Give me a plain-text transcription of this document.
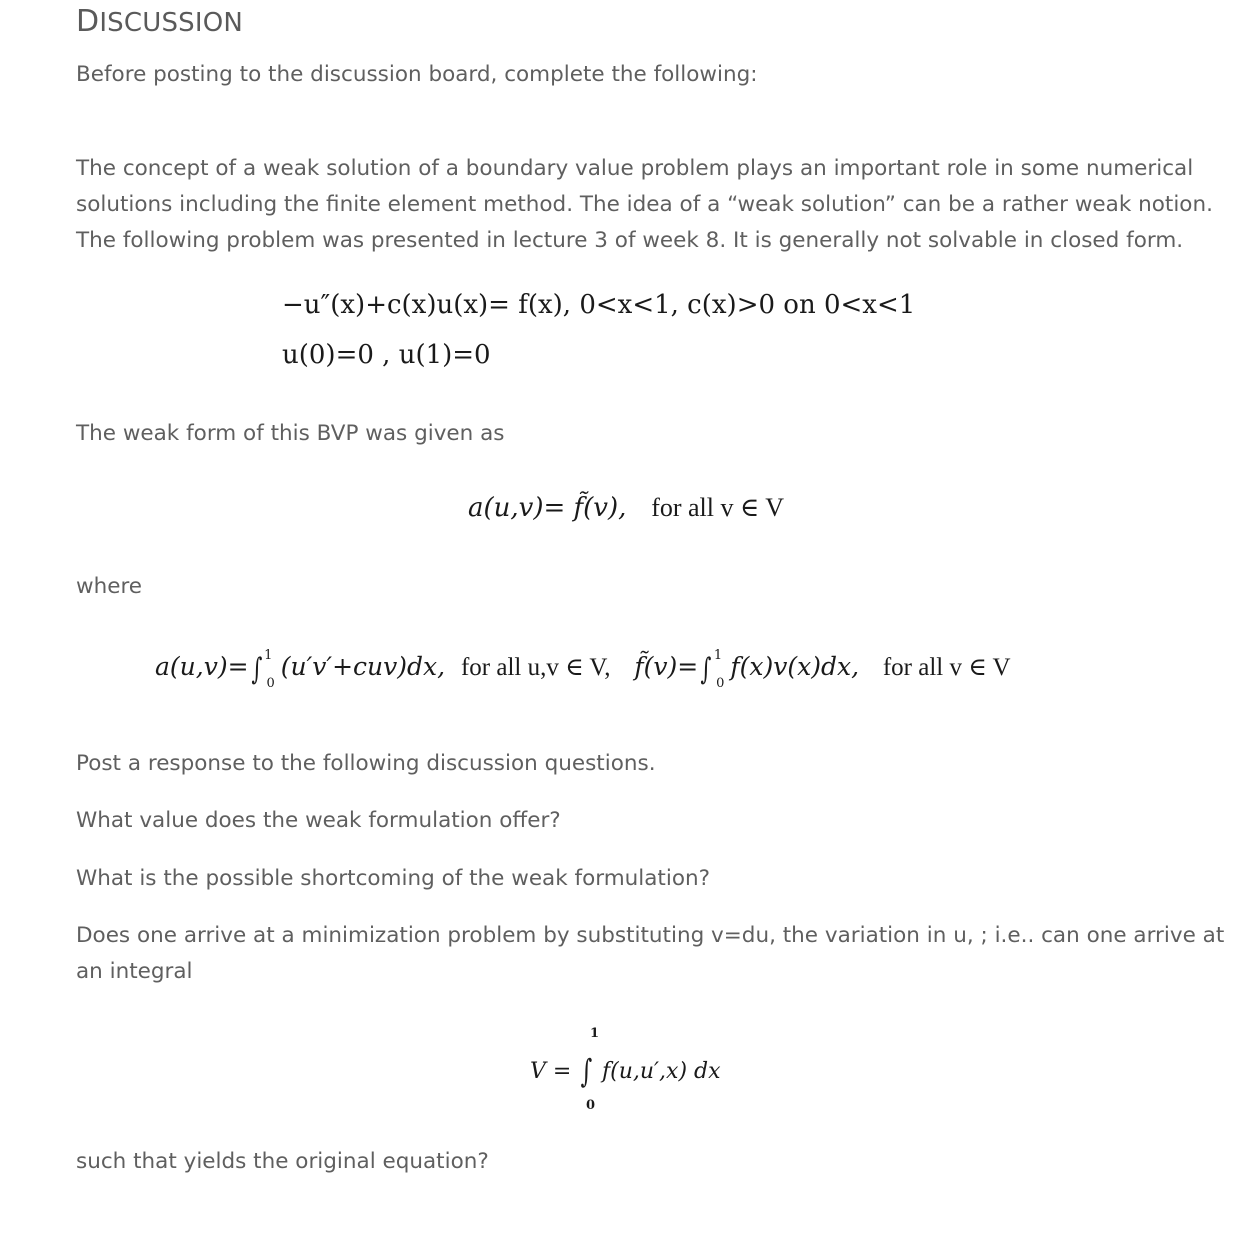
DISCUSSION
Before posting to the discussion board, complete the following:
The concept of a weak solution of a boundary value problem plays an important role in some numerical
solutions including the finite element method. The idea of a “weak solution” can be a rather weak notion.
The following problem was presented in lecture 3 of week 8. It is generally not solvable in closed form.
−u″(x)+c(x)u(x)= f(x), 0<x<1, c(x)>0 on 0<x<1
u(0)=0 , u(1)=0
The weak form of this BVP was given as
a(u,v)= f̃(v), for all v ∈ V
where
a(u,v)=∫ $^1_0$(u′v′+cuv)dx, for all u,v ∈ V, f̃(v)=∫ $^1_0$f(x)v(x)dx, for all v ∈ V
Post a response to the following discussion questions.
What value does the weak formulation offer?
What is the possible shortcoming of the weak formulation?
Does one arrive at a minimization problem by substituting v=du, the variation in u, ; i.e.. can one arrive at
an integral
1
V = ∫ f(u,u′,x) dx
0
such that yields the original equation?
